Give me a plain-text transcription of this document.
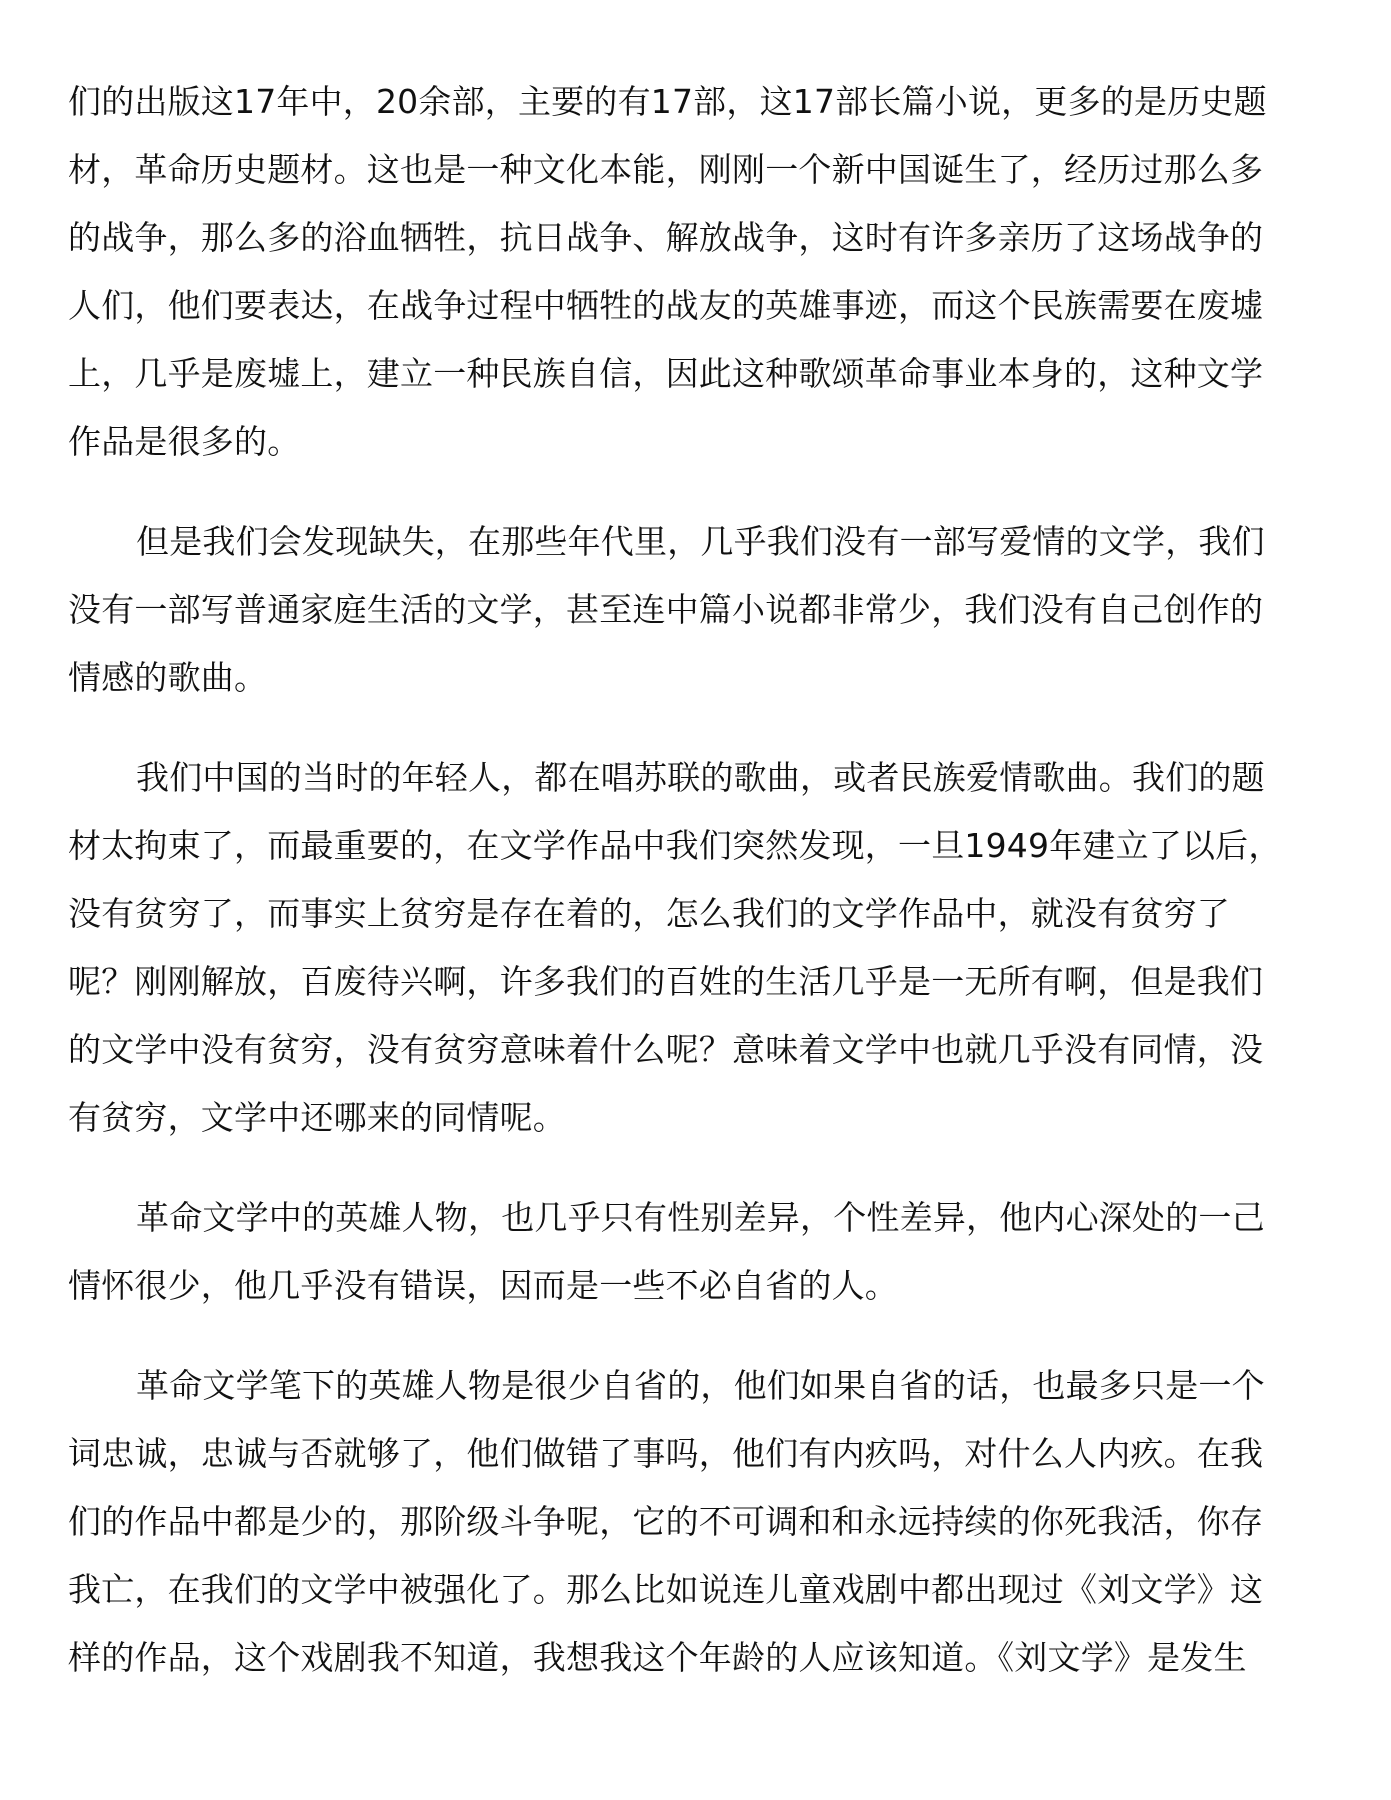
们的出版这17年中，20余部，主要的有17部，这17部长篇小说，更多的是历史题
材，革命历史题材。这也是一种文化本能，刚刚一个新中国诞生了，经历过那么多
的战争，那么多的浴血牺牲，抗日战争、解放战争，这时有许多亲历了这场战争的
人们，他们要表达，在战争过程中牺牲的战友的英雄事迹，而这个民族需要在废墟
上，几乎是废墟上，建立一种民族自信，因此这种歌颂革命事业本身的，这种文学
作品是很多的。

但是我们会发现缺失，在那些年代里，几乎我们没有一部写爱情的文学，我们
没有一部写普通家庭生活的文学，甚至连中篇小说都非常少，我们没有自己创作的
情感的歌曲。

我们中国的当时的年轻人，都在唱苏联的歌曲，或者民族爱情歌曲。我们的题
材太拘束了，而最重要的，在文学作品中我们突然发现，一旦1949年建立了以后，
没有贫穷了，而事实上贫穷是存在着的，怎么我们的文学作品中，就没有贫穷了
呢？刚刚解放，百废待兴啊，许多我们的百姓的生活几乎是一无所有啊，但是我们
的文学中没有贫穷，没有贫穷意味着什么呢？意味着文学中也就几乎没有同情，没
有贫穷，文学中还哪来的同情呢。

革命文学中的英雄人物，也几乎只有性别差异，个性差异，他内心深处的一己
情怀很少，他几乎没有错误，因而是一些不必自省的人。

革命文学笔下的英雄人物是很少自省的，他们如果自省的话，也最多只是一个
词忠诚，忠诚与否就够了，他们做错了事吗，他们有内疚吗，对什么人内疚。在我
们的作品中都是少的，那阶级斗争呢，它的不可调和和永远持续的你死我活，你存
我亡，在我们的文学中被强化了。那么比如说连儿童戏剧中都出现过《刘文学》这
样的作品，这个戏剧我不知道，我想我这个年龄的人应该知道。《刘文学》是发生
